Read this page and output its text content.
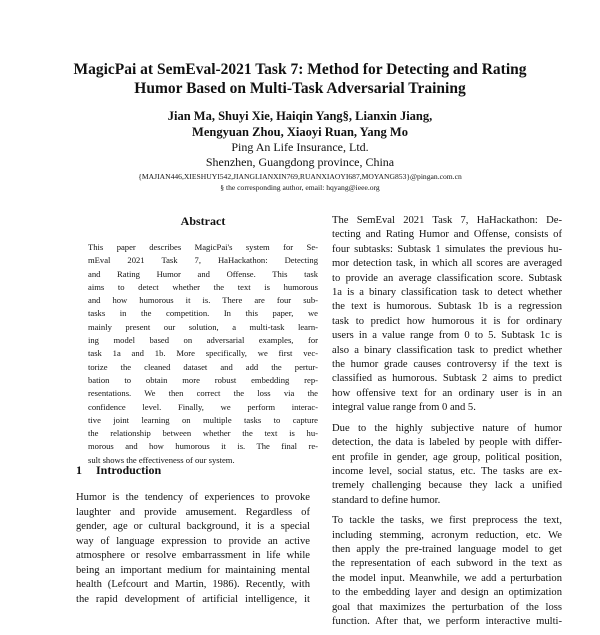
MagicPai at SemEval-2021 Task 7: Method for Detecting and Rating
Humor Based on Multi-Task Adversarial Training
Jian Ma, Shuyi Xie, Haiqin Yang§, Lianxin Jiang,
Mengyuan Zhou, Xiaoyi Ruan, Yang Mo
Ping An Life Insurance, Ltd.
Shenzhen, Guangdong province, China
{MAJIAN446,XIESHUYI542,JIANGLIANXIN769,RUANXIAOYI687,MOYANG853}@pingan.com.cn
§ the corresponding author, email: hqyang@ieee.org
Abstract
This paper describes MagicPai's system for Se-
mEval 2021 Task 7, HaHackathon: Detecting
and Rating Humor and Offense. This task
aims to detect whether the text is humorous
and how humorous it is. There are four sub-
tasks in the competition. In this paper, we
mainly present our solution, a multi-task learn-
ing model based on adversarial examples, for
task 1a and 1b. More specifically, we first vec-
torize the cleaned dataset and add the pertur-
bation to obtain more robust embedding rep-
resentations. We then correct the loss via the
confidence level. Finally, we perform interac-
tive joint learning on multiple tasks to capture
the relationship between whether the text is hu-
morous and how humorous it is. The final re-
sult shows the effectiveness of our system.
1 Introduction
Humor is the tendency of experiences to provoke
laughter and provide amusement. Regardless of
gender, age or cultural background, it is a special
way of language expression to provide an active
atmosphere or resolve embarrassment in life while
being an important medium for maintaining mental
health (Lefcourt and Martin, 1986). Recently, with
the rapid development of artificial intelligence, it

The SemEval 2021 Task 7, HaHackathon: De-
tecting and Rating Humor and Offense, consists of
four subtasks: Subtask 1 simulates the previous hu-
mor detection task, in which all scores are averaged
to provide an average classification score. Subtask
1a is a binary classification task to detect whether
the text is humorous. Subtask 1b is a regression
task to predict how humorous it is for ordinary
users in a value range from 0 to 5. Subtask 1c is
also a binary classification task to predict whether
the humor grade causes controversy if the text is
classified as humorous. Subtask 2 aims to predict
how offensive text for an ordinary user is in an
integral value range from 0 and 5.

Due to the highly subjective nature of humor
detection, the data is labeled by people with differ-
ent profile in gender, age group, political position,
income level, social status, etc. The tasks are ex-
tremely challenging because they lack a unified
standard to define humor.

To tackle the tasks, we first preprocess the text,
including stemming, acronym reduction, etc. We
then apply the pre-trained language model to get
the representation of each subword in the text as
the model input. Meanwhile, we add a perturbation
to the embedding layer and design an optimization
goal that maximizes the perturbation of the loss
function. After that, we perform interactive multi-
